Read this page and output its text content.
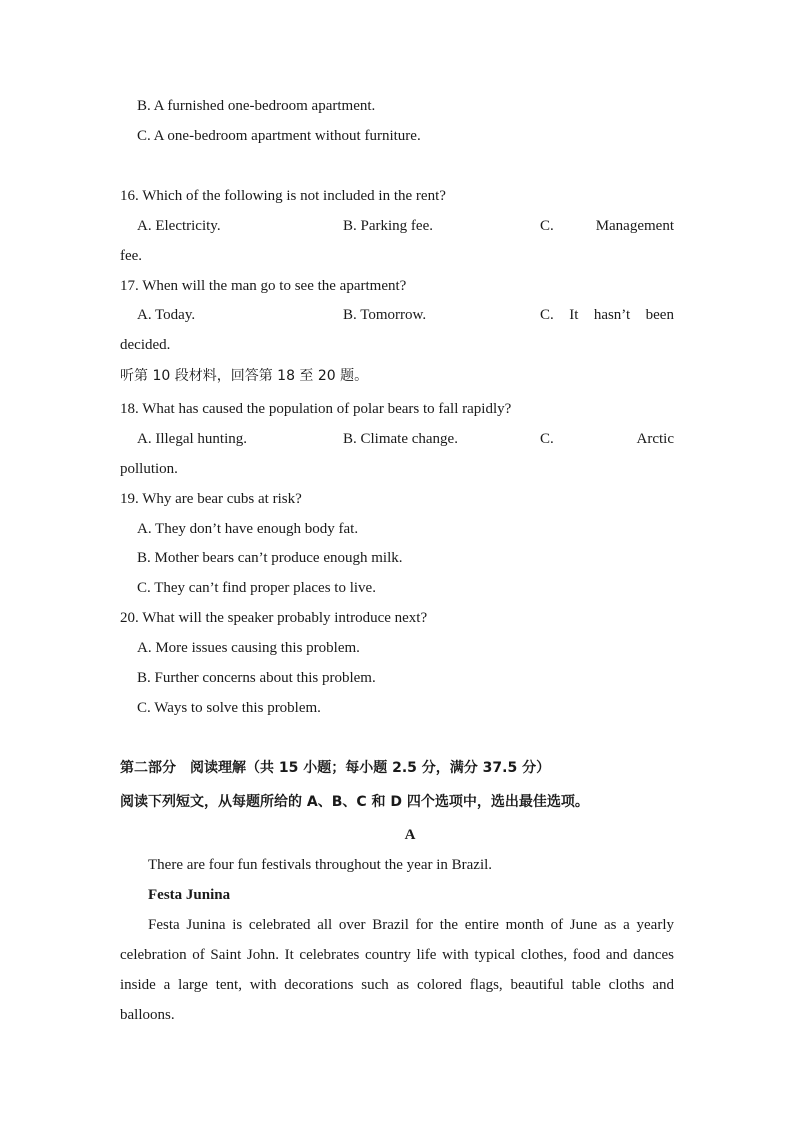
B. A furnished one-bedroom apartment.
C. A one-bedroom apartment without furniture.
16. Which of the following is not included in the rent?
A. Electricity.	B. Parking fee.	C.	Management
fee.
17. When will the man go to see the apartment?
A. Today.	B. Tomorrow.	C. It hasn’t been
decided.
听第 10 段材料，回答第 18 至 20 题。
18. What has caused the population of polar bears to fall rapidly?
A. Illegal hunting.	B. Climate change.	C.	Arctic
pollution.
19. Why are bear cubs at risk?
A. They don’t have enough body fat.
B. Mother bears can’t produce enough milk.
C. They can’t find proper places to live.
20. What will the speaker probably introduce next?
A. More issues causing this problem.
B. Further concerns about this problem.
C. Ways to solve this problem.
第二部分　阅读理解（共 15 小题；每小题 2.5 分，满分 37.5 分）
阅读下列短文，从每题所给的 A、B、C 和 D 四个选项中，选出最佳选项。
A
There are four fun festivals throughout the year in Brazil.
Festa Junina

Festa Junina is celebrated all over Brazil for the entire month of June as a yearly celebration of Saint John. It celebrates country life with typical clothes, food and dances inside a large tent, with decorations such as colored flags, beautiful table cloths and balloons.
